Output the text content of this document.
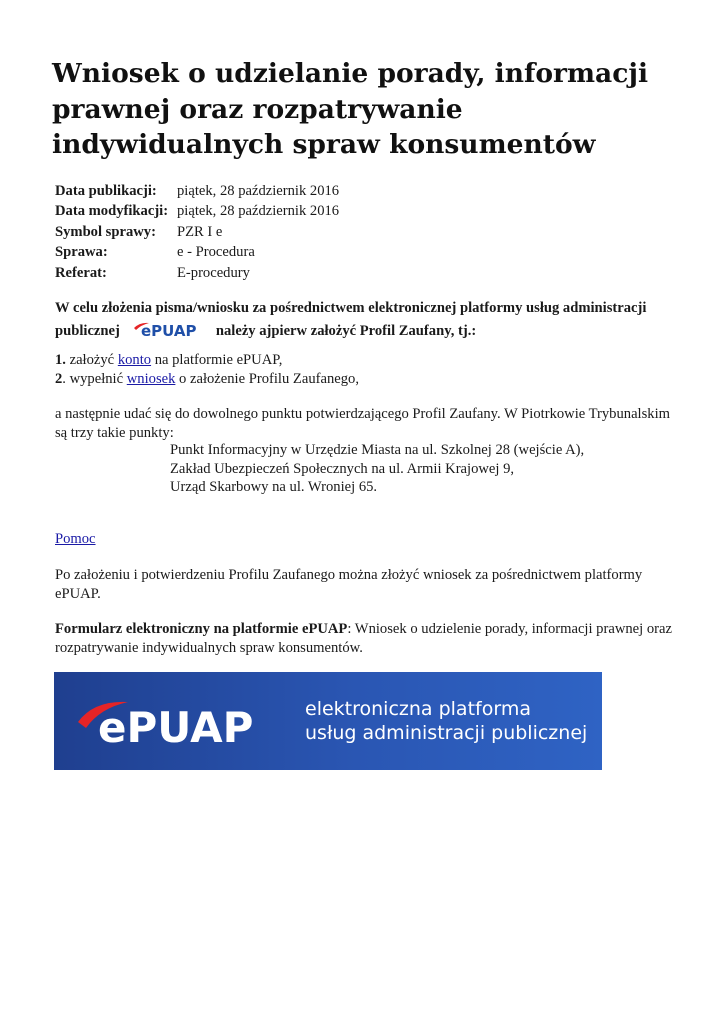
Wniosek o udzielanie porady, informacji prawnej oraz rozpatrywanie indywidualnych spraw konsumentów
Data publikacji:	piątek, 28 październik 2016
Data modyfikacji:	piątek, 28 październik 2016
Symbol sprawy:	PZR I e
Sprawa:	e - Procedura
Referat:	E-procedury

W celu złożenia pisma/wniosku za pośrednictwem elektronicznej platformy usług administracji publicznej ePUAP należy ajpierw założyć Profil Zaufany, tj.:

1. założyć konto na platformie ePUAP,
2. wypełnić wniosek o założenie Profilu Zaufanego,

a następnie udać się do dowolnego punktu potwierdzającego Profil Zaufany. W Piotrkowie Trybunalskim są trzy takie punkty:

Punkt Informacyjny w Urzędzie Miasta na ul. Szkolnej 28 (wejście A),
Zakład Ubezpieczeń Społecznych na ul. Armii Krajowej 9,
Urząd Skarbowy na ul. Wroniej 65.

Pomoc

Po założeniu i potwierdzeniu Profilu Zaufanego można złożyć wniosek za pośrednictwem platformy ePUAP.

Formularz elektroniczny na platformie ePUAP: Wniosek o udzielenie porady, informacji prawnej oraz rozpatrywanie indywidualnych spraw konsumentów.

ePUAP	elektroniczna platforma
usług administracji publicznej
